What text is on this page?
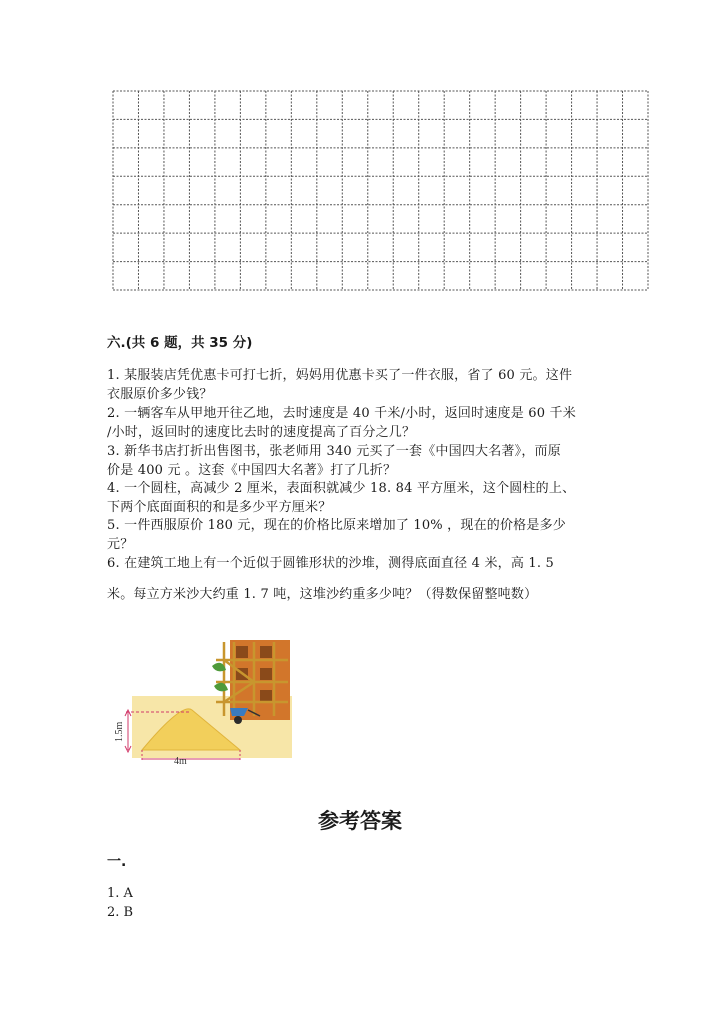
六.(共 6 题，共 35 分)

1. 某服装店凭优惠卡可打七折，妈妈用优惠卡买了一件衣服，省了 60 元。这件
衣服原价多少钱？

2. 一辆客车从甲地开往乙地，去时速度是 40 千米/小时，返回时速度是 60 千米
/小时，返回时的速度比去时的速度提高了百分之几？

3. 新华书店打折出售图书，张老师用 340 元买了一套《中国四大名著》，而原
价是 400 元 。这套《中国四大名著》打了几折？

4. 一个圆柱，高减少 2 厘米，表面积就减少 18. 84 平方厘米，这个圆柱的上、
下两个底面面积的和是多少平方厘米？

5. 一件西服原价 180 元，现在的价格比原来增加了 10% ，现在的价格是多少
元？

6. 在建筑工地上有一个近似于圆锥形状的沙堆，测得底面直径 4 米，高 1. 5

米。每立方米沙大约重 1. 7 吨，这堆沙约重多少吨？（得数保留整吨数）

1.5m
4m
参考答案
一.
1. A
2. B
